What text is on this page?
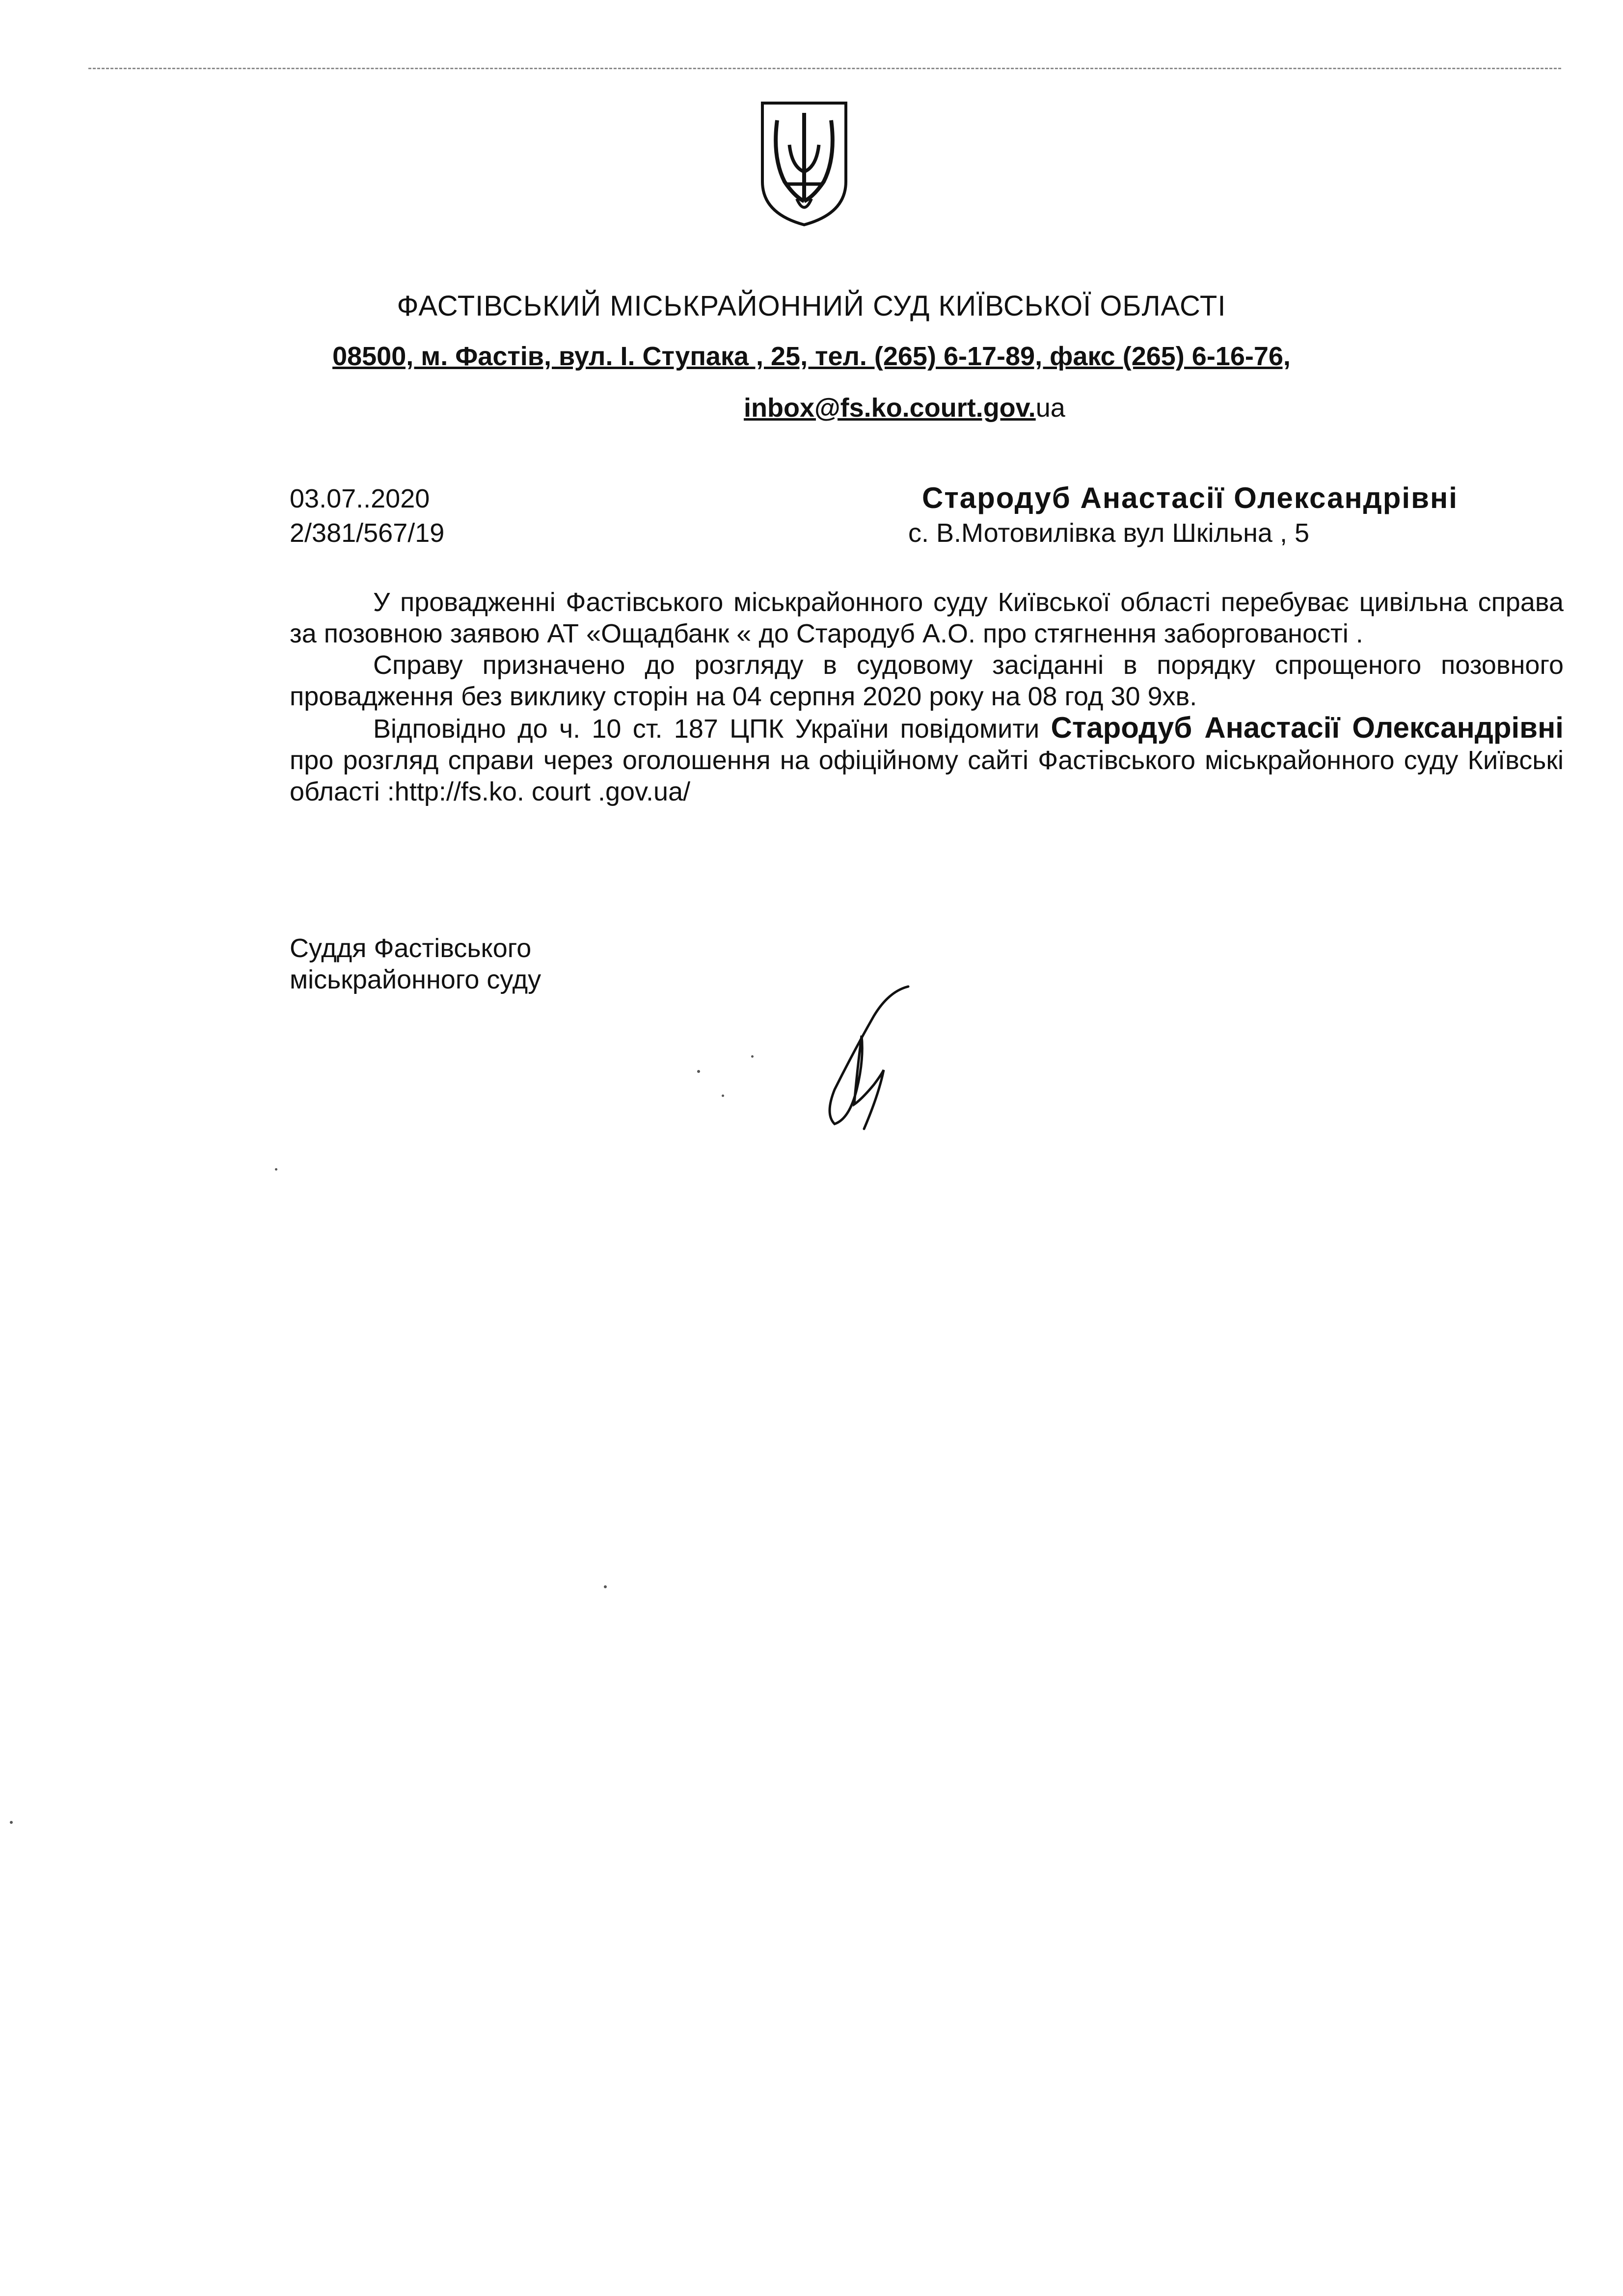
ФАСТІВСЬКИЙ МІСЬКРАЙОННИЙ СУД КИЇВСЬКОЇ ОБЛАСТІ
08500, м. Фастів, вул. І. Ступака , 25, тел. (265) 6-17-89, факс (265) 6-16-76,
inbox@fs.ko.court.gov.ua
03.07..2020
2/381/567/19
Стародуб Анастасії Олександрівні
с. В.Мотовилівка вул Шкільна , 5

У провадженні Фастівського міськрайонного суду Київської області перебуває цивільна справа за позовною заявою АТ «Ощадбанк « до Стародуб А.О. про стягнення заборгованості .

Справу призначено до розгляду в судовому засіданні в порядку спрощеного позовного провадження без виклику сторін на 04 серпня 2020 року на 08 год 30 9хв.

Відповідно до ч. 10 ст. 187 ЦПК України повідомити Стародуб Анастасії Олександрівні про розгляд справи через оголошення на офіційному сайті Фастівського міськрайонного суду Київські області :http://fs.ko. court .gov.ua/

Суддя Фастівського
міськрайонного суду
